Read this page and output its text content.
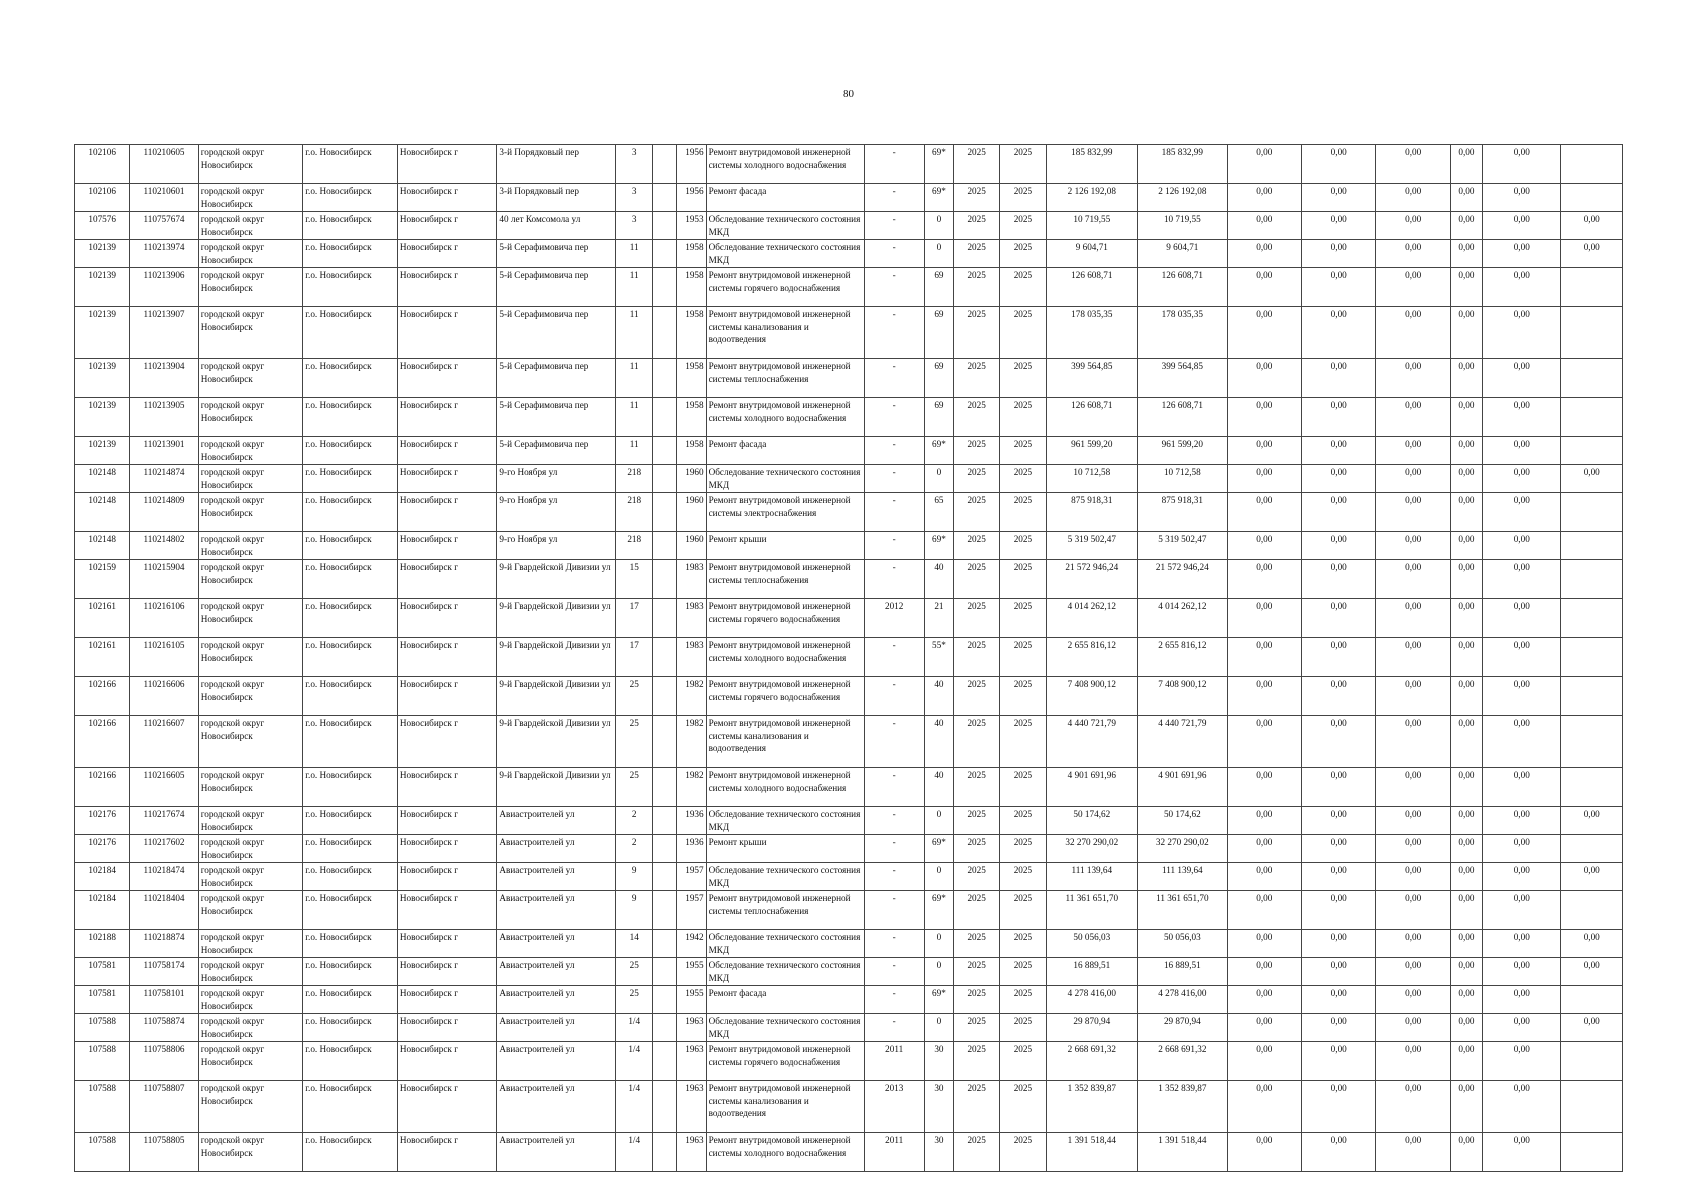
80
102106	110210605	городской округ Новосибирск	г.о. Новосибирск	Новосибирск г	3-й Порядковый пер	3		1956	Ремонт внутридомовой инженерной системы холодного водоснабжения	-	69*	2025	2025	185 832,99	185 832,99	0,00	0,00	0,00	0,00	0,00	
102106	110210601	городской округ Новосибирск	г.о. Новосибирск	Новосибирск г	3-й Порядковый пер	3		1956	Ремонт фасада	-	69*	2025	2025	2 126 192,08	2 126 192,08	0,00	0,00	0,00	0,00	0,00	
107576	110757674	городской округ Новосибирск	г.о. Новосибирск	Новосибирск г	40 лет Комсомола ул	3		1953	Обследование технического состояния МКД	-	0	2025	2025	10 719,55	10 719,55	0,00	0,00	0,00	0,00	0,00	0,00
102139	110213974	городской округ Новосибирск	г.о. Новосибирск	Новосибирск г	5-й Серафимовича пер	11		1958	Обследование технического состояния МКД	-	0	2025	2025	9 604,71	9 604,71	0,00	0,00	0,00	0,00	0,00	0,00
102139	110213906	городской округ Новосибирск	г.о. Новосибирск	Новосибирск г	5-й Серафимовича пер	11		1958	Ремонт внутридомовой инженерной системы горячего водоснабжения	-	69	2025	2025	126 608,71	126 608,71	0,00	0,00	0,00	0,00	0,00	
102139	110213907	городской округ Новосибирск	г.о. Новосибирск	Новосибирск г	5-й Серафимовича пер	11		1958	Ремонт внутридомовой инженерной системы канализования и водоотведения	-	69	2025	2025	178 035,35	178 035,35	0,00	0,00	0,00	0,00	0,00	
102139	110213904	городской округ Новосибирск	г.о. Новосибирск	Новосибирск г	5-й Серафимовича пер	11		1958	Ремонт внутридомовой инженерной системы теплоснабжения	-	69	2025	2025	399 564,85	399 564,85	0,00	0,00	0,00	0,00	0,00	
102139	110213905	городской округ Новосибирск	г.о. Новосибирск	Новосибирск г	5-й Серафимовича пер	11		1958	Ремонт внутридомовой инженерной системы холодного водоснабжения	-	69	2025	2025	126 608,71	126 608,71	0,00	0,00	0,00	0,00	0,00	
102139	110213901	городской округ Новосибирск	г.о. Новосибирск	Новосибирск г	5-й Серафимовича пер	11		1958	Ремонт фасада	-	69*	2025	2025	961 599,20	961 599,20	0,00	0,00	0,00	0,00	0,00	
102148	110214874	городской округ Новосибирск	г.о. Новосибирск	Новосибирск г	9-го Ноября ул	218		1960	Обследование технического состояния МКД	-	0	2025	2025	10 712,58	10 712,58	0,00	0,00	0,00	0,00	0,00	0,00
102148	110214809	городской округ Новосибирск	г.о. Новосибирск	Новосибирск г	9-го Ноября ул	218		1960	Ремонт внутридомовой инженерной системы электроснабжения	-	65	2025	2025	875 918,31	875 918,31	0,00	0,00	0,00	0,00	0,00	
102148	110214802	городской округ Новосибирск	г.о. Новосибирск	Новосибирск г	9-го Ноября ул	218		1960	Ремонт крыши	-	69*	2025	2025	5 319 502,47	5 319 502,47	0,00	0,00	0,00	0,00	0,00	
102159	110215904	городской округ Новосибирск	г.о. Новосибирск	Новосибирск г	9-й Гвардейской Дивизии ул	15		1983	Ремонт внутридомовой инженерной системы теплоснабжения	-	40	2025	2025	21 572 946,24	21 572 946,24	0,00	0,00	0,00	0,00	0,00	
102161	110216106	городской округ Новосибирск	г.о. Новосибирск	Новосибирск г	9-й Гвардейской Дивизии ул	17		1983	Ремонт внутридомовой инженерной системы горячего водоснабжения	2012	21	2025	2025	4 014 262,12	4 014 262,12	0,00	0,00	0,00	0,00	0,00	
102161	110216105	городской округ Новосибирск	г.о. Новосибирск	Новосибирск г	9-й Гвардейской Дивизии ул	17		1983	Ремонт внутридомовой инженерной системы холодного водоснабжения	-	55*	2025	2025	2 655 816,12	2 655 816,12	0,00	0,00	0,00	0,00	0,00	
102166	110216606	городской округ Новосибирск	г.о. Новосибирск	Новосибирск г	9-й Гвардейской Дивизии ул	25		1982	Ремонт внутридомовой инженерной системы горячего водоснабжения	-	40	2025	2025	7 408 900,12	7 408 900,12	0,00	0,00	0,00	0,00	0,00	
102166	110216607	городской округ Новосибирск	г.о. Новосибирск	Новосибирск г	9-й Гвардейской Дивизии ул	25		1982	Ремонт внутридомовой инженерной системы канализования и водоотведения	-	40	2025	2025	4 440 721,79	4 440 721,79	0,00	0,00	0,00	0,00	0,00	
102166	110216605	городской округ Новосибирск	г.о. Новосибирск	Новосибирск г	9-й Гвардейской Дивизии ул	25		1982	Ремонт внутридомовой инженерной системы холодного водоснабжения	-	40	2025	2025	4 901 691,96	4 901 691,96	0,00	0,00	0,00	0,00	0,00	
102176	110217674	городской округ Новосибирск	г.о. Новосибирск	Новосибирск г	Авиастроителей ул	2		1936	Обследование технического состояния МКД	-	0	2025	2025	50 174,62	50 174,62	0,00	0,00	0,00	0,00	0,00	0,00
102176	110217602	городской округ Новосибирск	г.о. Новосибирск	Новосибирск г	Авиастроителей ул	2		1936	Ремонт крыши	-	69*	2025	2025	32 270 290,02	32 270 290,02	0,00	0,00	0,00	0,00	0,00	
102184	110218474	городской округ Новосибирск	г.о. Новосибирск	Новосибирск г	Авиастроителей ул	9		1957	Обследование технического состояния МКД	-	0	2025	2025	111 139,64	111 139,64	0,00	0,00	0,00	0,00	0,00	0,00
102184	110218404	городской округ Новосибирск	г.о. Новосибирск	Новосибирск г	Авиастроителей ул	9		1957	Ремонт внутридомовой инженерной системы теплоснабжения	-	69*	2025	2025	11 361 651,70	11 361 651,70	0,00	0,00	0,00	0,00	0,00	
102188	110218874	городской округ Новосибирск	г.о. Новосибирск	Новосибирск г	Авиастроителей ул	14		1942	Обследование технического состояния МКД	-	0	2025	2025	50 056,03	50 056,03	0,00	0,00	0,00	0,00	0,00	0,00
107581	110758174	городской округ Новосибирск	г.о. Новосибирск	Новосибирск г	Авиастроителей ул	25		1955	Обследование технического состояния МКД	-	0	2025	2025	16 889,51	16 889,51	0,00	0,00	0,00	0,00	0,00	0,00
107581	110758101	городской округ Новосибирск	г.о. Новосибирск	Новосибирск г	Авиастроителей ул	25		1955	Ремонт фасада	-	69*	2025	2025	4 278 416,00	4 278 416,00	0,00	0,00	0,00	0,00	0,00	
107588	110758874	городской округ Новосибирск	г.о. Новосибирск	Новосибирск г	Авиастроителей ул	1/4		1963	Обследование технического состояния МКД	-	0	2025	2025	29 870,94	29 870,94	0,00	0,00	0,00	0,00	0,00	0,00
107588	110758806	городской округ Новосибирск	г.о. Новосибирск	Новосибирск г	Авиастроителей ул	1/4		1963	Ремонт внутридомовой инженерной системы горячего водоснабжения	2011	30	2025	2025	2 668 691,32	2 668 691,32	0,00	0,00	0,00	0,00	0,00	
107588	110758807	городской округ Новосибирск	г.о. Новосибирск	Новосибирск г	Авиастроителей ул	1/4		1963	Ремонт внутридомовой инженерной системы канализования и водоотведения	2013	30	2025	2025	1 352 839,87	1 352 839,87	0,00	0,00	0,00	0,00	0,00	
107588	110758805	городской округ Новосибирск	г.о. Новосибирск	Новосибирск г	Авиастроителей ул	1/4		1963	Ремонт внутридомовой инженерной системы холодного водоснабжения	2011	30	2025	2025	1 391 518,44	1 391 518,44	0,00	0,00	0,00	0,00	0,00	
